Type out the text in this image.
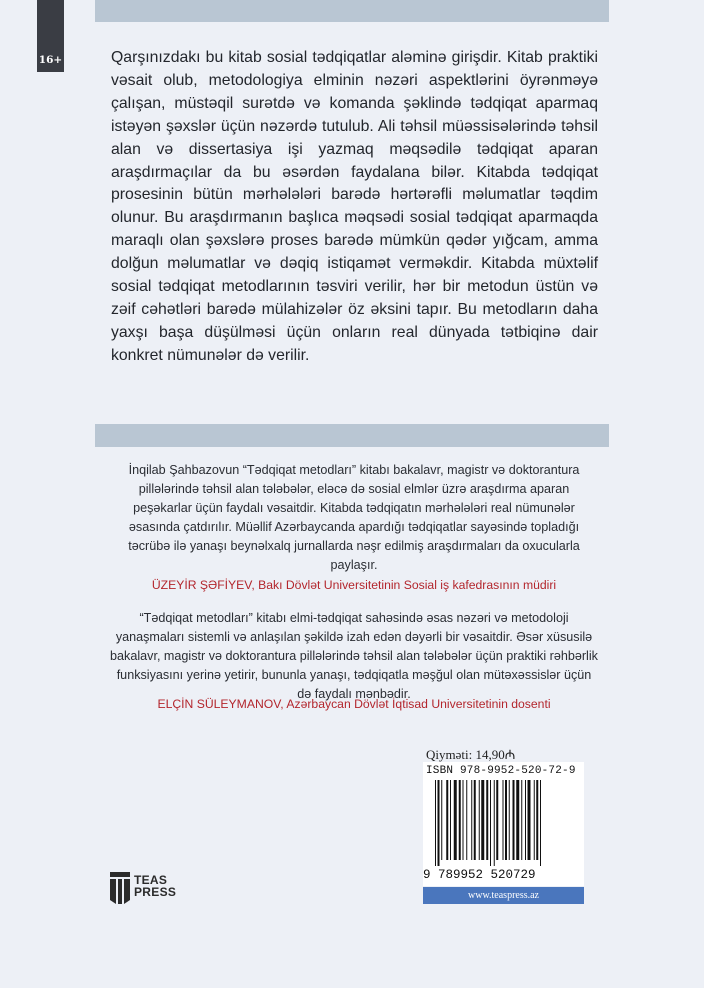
16+	Qarşınızdakı bu kitab sosial tədqiqatlar aləminə girişdir. Kitab praktiki vəsait olub, metodologiya elminin nəzəri aspektlərini öyrənməyə çalışan, müstəqil surətdə və komanda şəklində tədqiqat aparmaq istəyən şəxslər üçün nəzərdə tutulub. Ali təhsil müəssisələrində təhsil alan və dissertasiya işi yazmaq məqsədilə tədqiqat aparan araşdırmaçılar da bu əsərdən faydalana bilər. Kitabda tədqiqat prosesinin bütün mərhələləri barədə hərtərəfli məlumatlar təqdim olunur. Bu araşdırmanın başlıca məqsədi sosial tədqiqat aparmaqda maraqlı olan şəxslərə proses barədə mümkün qədər yığcam, amma dolğun məlumatlar və dəqiq istiqamət verməkdir. Kitabda müxtəlif sosial tədqiqat metodlarının təsviri verilir, hər bir metodun üstün və zəif cəhətləri barədə mülahizələr öz əksini tapır. Bu metodların daha yaxşı başa düşülməsi üçün onların real dünyada tətbiqinə dair konkret nümunələr də verilir.

İnqilab Şahbazovun “Tədqiqat metodları” kitabı bakalavr, magistr və doktorantura pillələrində təhsil alan tələbələr, eləcə də sosial elmlər üzrə araşdırma aparan peşəkarlar üçün faydalı vəsaitdir. Kitabda tədqiqatın mərhələləri real nümunələr əsasında çatdırılır. Müəllif Azərbaycanda apardığı tədqiqatlar sayəsində topladığı təcrübə ilə yanaşı beynəlxalq jurnallarda nəşr edilmiş araşdırmaları da oxucularla paylaşır.

ÜZEYİR ŞƏFİYEV, Bakı Dövlət Universitetinin Sosial iş kafedrasının müdiri

“Tədqiqat metodları” kitabı elmi-tədqiqat sahəsində əsas nəzəri və metodoloji yanaşmaları sistemli və anlaşılan şəkildə izah edən dəyərli bir vəsaitdir. Əsər xüsusilə bakalavr, magistr və doktorantura pillələrində təhsil alan tələbələr üçün praktiki rəhbərlik funksiyasını yerinə yetirir, bununla yanaşı, tədqiqatla məşğul olan mütəxəssislər üçün də faydalı mənbədir.

ELÇİN SÜLEYMANOV, Azərbaycan Dövlət İqtisad Universitetinin dosenti

Qiyməti: 14,90₼
ISBN 978-9952-520-72-9
9 789952 520729
www.teaspress.az
TEAS
PRESS
